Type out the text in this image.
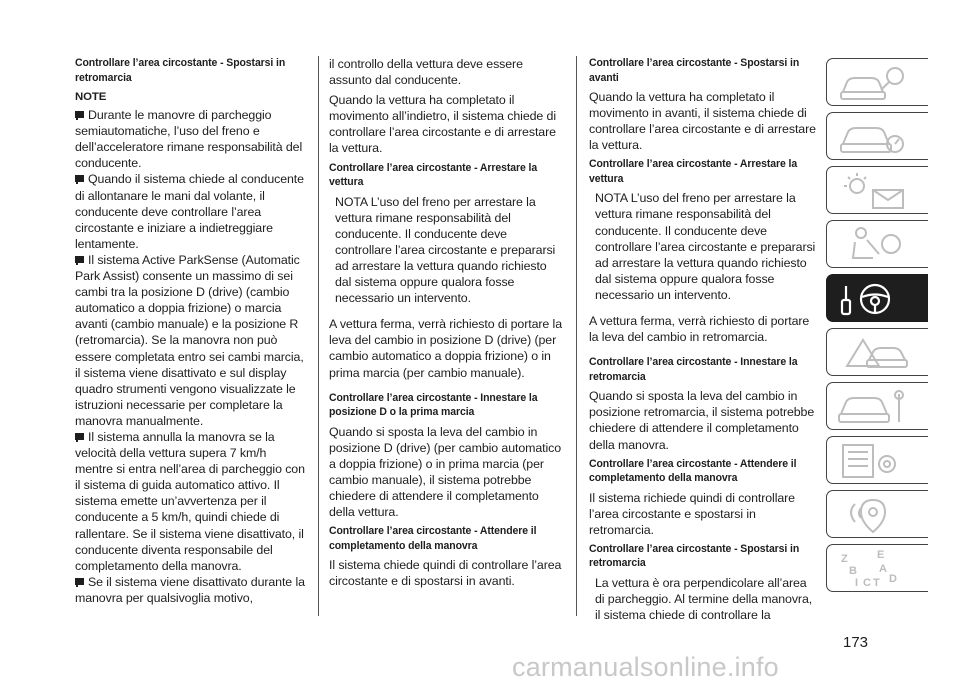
Controllare l’area circostante - Spostarsi in retromarcia
NOTE

Durante le manovre di parcheggio semiautomatiche, l’uso del freno e dell’acceleratore rimane responsabilità del conducente.

Quando il sistema chiede al conducente di allontanare le mani dal volante, il conducente deve controllare l’area circostante e iniziare a indietreggiare lentamente.

Il sistema Active ParkSense (Automatic Park Assist) consente un massimo di sei cambi tra la posizione D (drive) (cambio automatico a doppia frizione) o marcia avanti (cambio manuale) e la posizione R (retromarcia). Se la manovra non può essere completata entro sei cambi marcia, il sistema viene disattivato e sul display quadro strumenti vengono visualizzate le istruzioni necessarie per completare la manovra manualmente.

Il sistema annulla la manovra se la velocità della vettura supera 7 km/h mentre si entra nell’area di parcheggio con il sistema di guida automatico attivo. Il sistema emette un’avvertenza per il conducente a 5 km/h, quindi chiede di rallentare. Se il sistema viene disattivato, il conducente diventa responsabile del completamento della manovra.

Se il sistema viene disattivato durante la manovra per qualsivoglia motivo,

il controllo della vettura deve essere assunto dal conducente.

Quando la vettura ha completato il movimento all’indietro, il sistema chiede di controllare l’area circostante e di arrestare la vettura.

Controllare l’area circostante - Arrestare la vettura

NOTA L’uso del freno per arrestare la vettura rimane responsabilità del conducente. Il conducente deve controllare l’area circostante e prepararsi ad arrestare la vettura quando richiesto dal sistema oppure qualora fosse necessario un intervento.

A vettura ferma, verrà richiesto di portare la leva del cambio in posizione D (drive) (per cambio automatico a doppia frizione) o in prima marcia (per cambio manuale).

Controllare l’area circostante - Innestare la posizione D o la prima marcia

Quando si sposta la leva del cambio in posizione D (drive) (per cambio automatico a doppia frizione) o in prima marcia (per cambio manuale), il sistema potrebbe chiedere di attendere il completamento della vettura.

Controllare l’area circostante - Attendere il completamento della manovra

Il sistema chiede quindi di controllare l’area circostante e di spostarsi in avanti.

Controllare l’area circostante - Spostarsi in avanti

Quando la vettura ha completato il movimento in avanti, il sistema chiede di controllare l’area circostante e di arrestare la vettura.

Controllare l’area circostante - Arrestare la vettura

NOTA L’uso del freno per arrestare la vettura rimane responsabilità del conducente. Il conducente deve controllare l’area circostante e prepararsi ad arrestare la vettura quando richiesto dal sistema oppure qualora fosse necessario un intervento.

A vettura ferma, verrà richiesto di portare la leva del cambio in retromarcia.

Controllare l’area circostante - Innestare la retromarcia

Quando si sposta la leva del cambio in posizione retromarcia, il sistema potrebbe chiedere di attendere il completamento della manovra.

Controllare l’area circostante - Attendere il completamento della manovra

Il sistema richiede quindi di controllare l’area circostante e spostarsi in retromarcia.

Controllare l’area circostante - Spostarsi in retromarcia

La vettura è ora perpendicolare all’area di parcheggio. Al termine della manovra, il sistema chiede di controllare la

Z	E
B A
D
I C T
173
carmanualsonline.info
